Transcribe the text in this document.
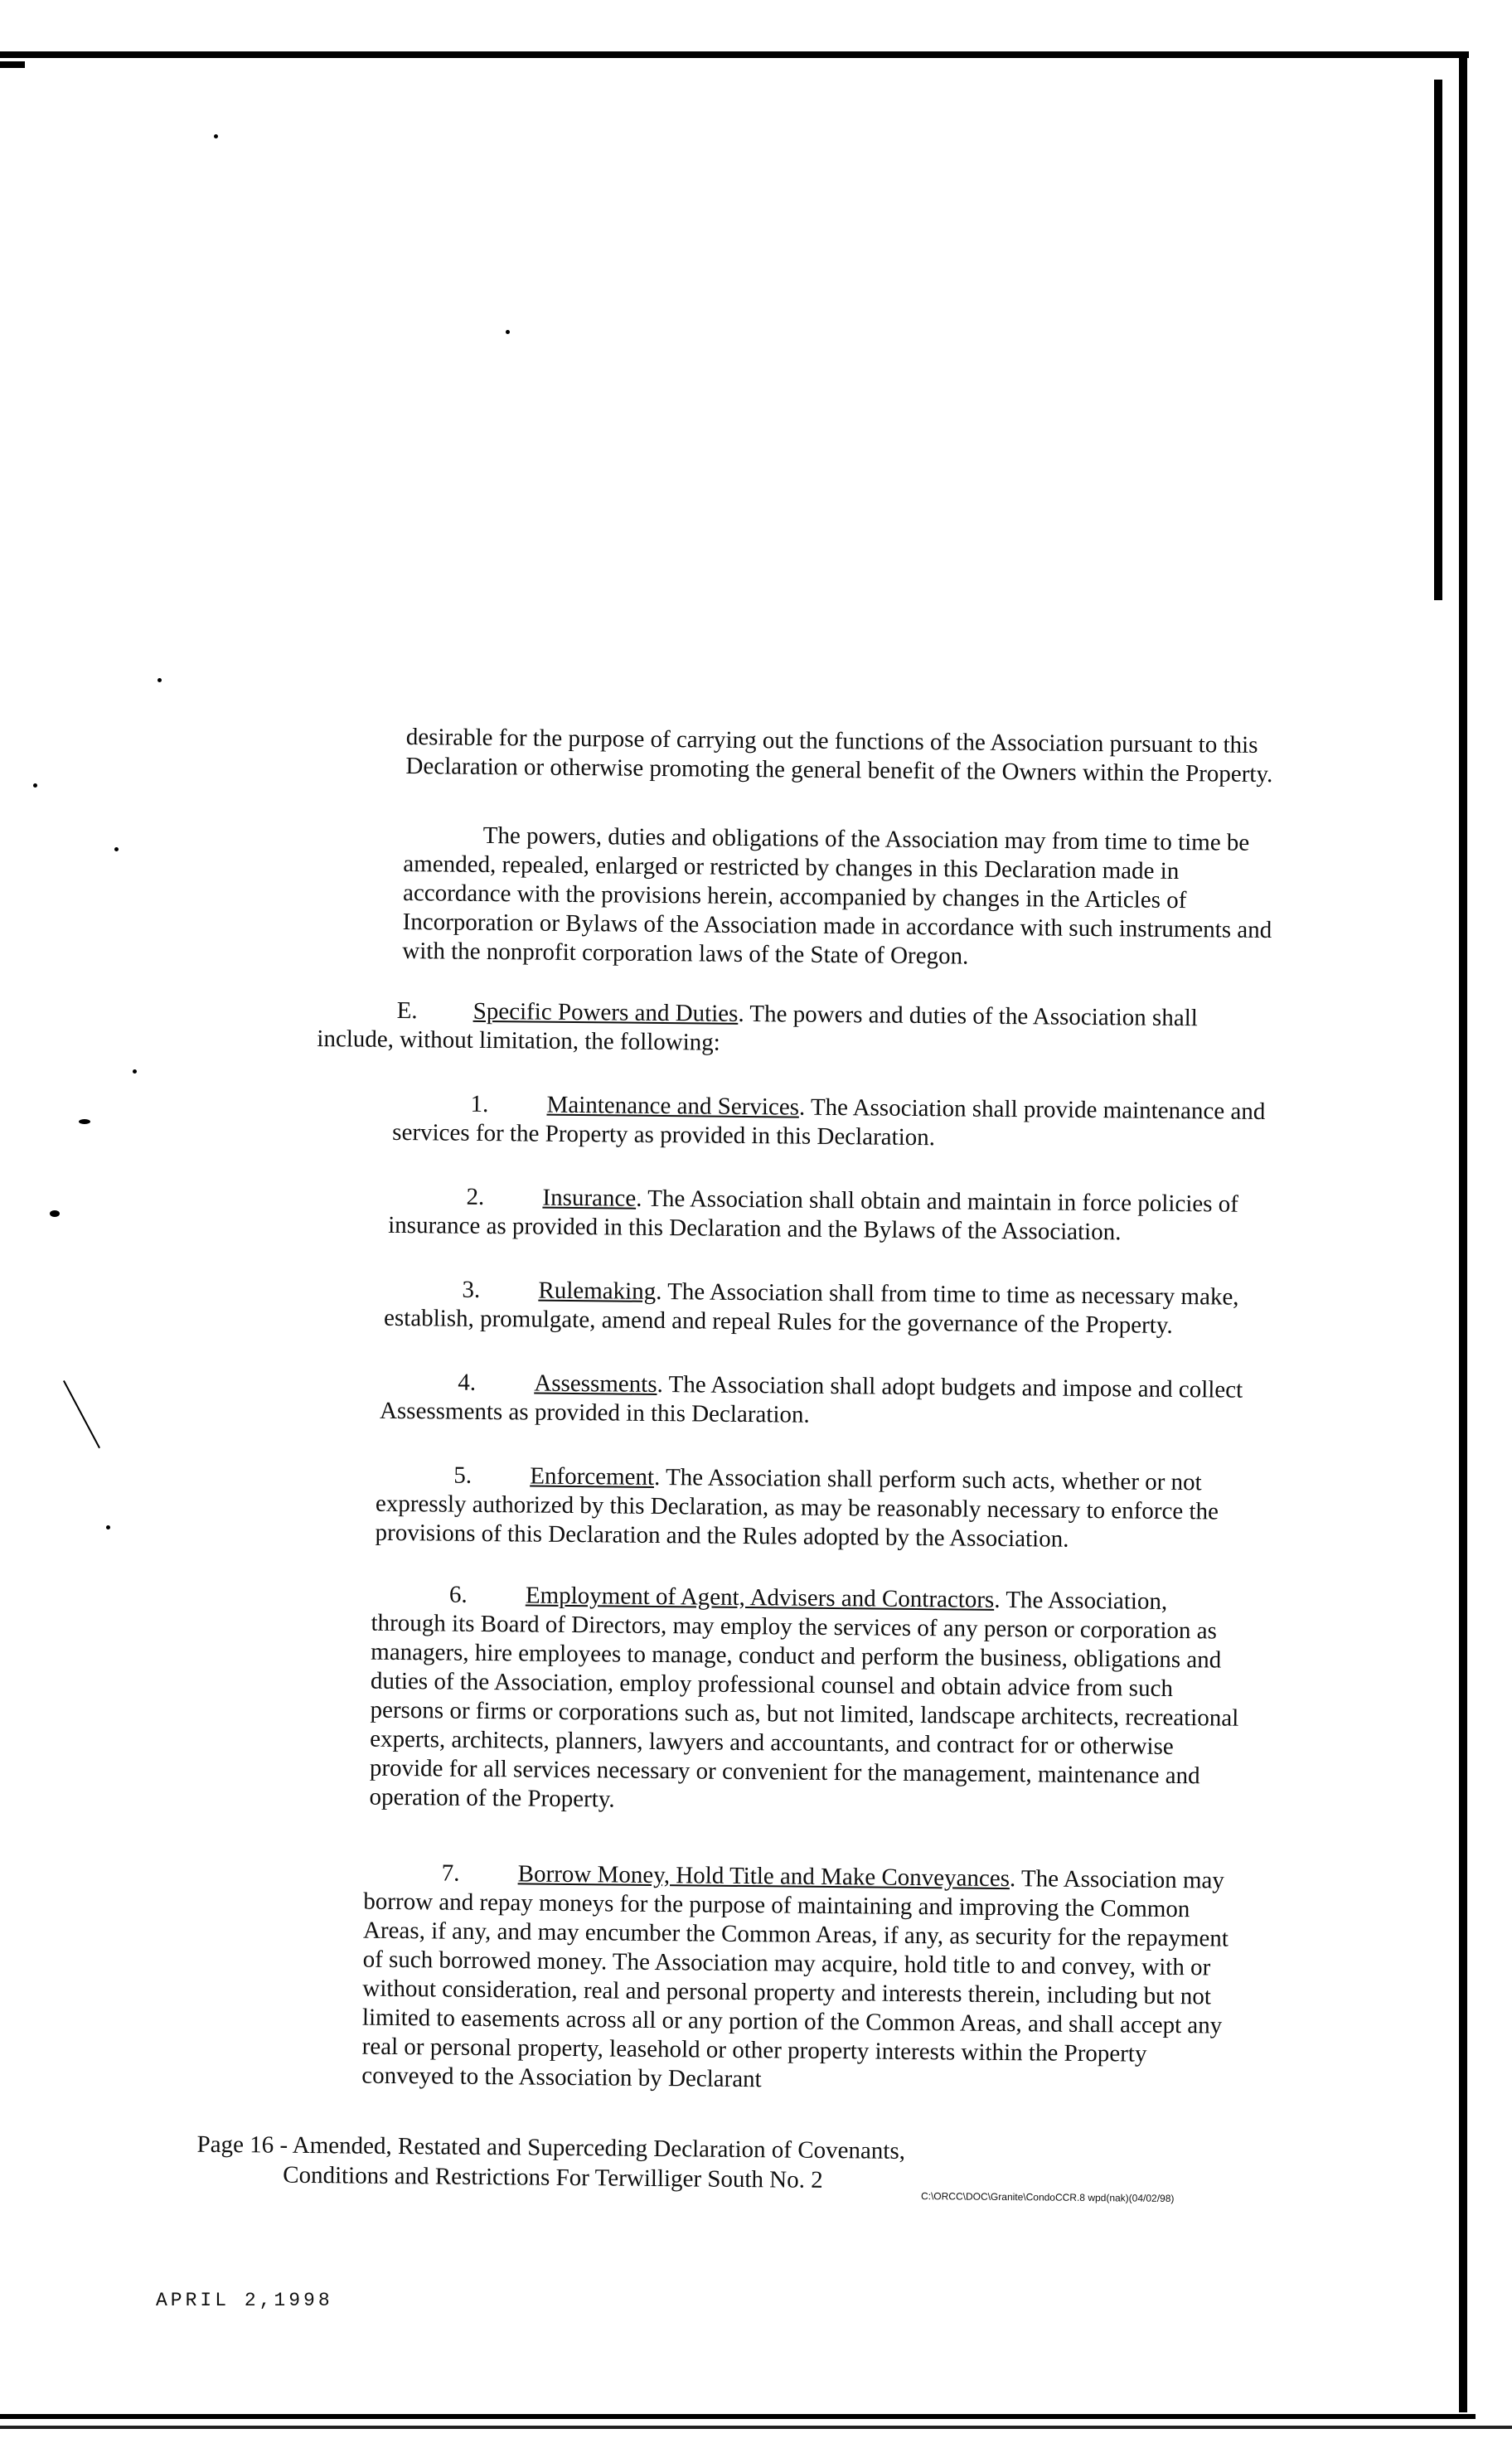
desirable for the purpose of carrying out the functions of the Association pursuant to this
Declaration or otherwise promoting the general benefit of the Owners within the Property.
The powers, duties and obligations of the Association may from time to time be
amended, repealed, enlarged or restricted by changes in this Declaration made in
accordance with the provisions herein, accompanied by changes in the Articles of
Incorporation or Bylaws of the Association made in accordance with such instruments and
with the nonprofit corporation laws of the State of Oregon.
E. Specific Powers and Duties. The powers and duties of the Association shall
include, without limitation, the following:
1. Maintenance and Services. The Association shall provide maintenance and
services for the Property as provided in this Declaration.
2. Insurance. The Association shall obtain and maintain in force policies of
insurance as provided in this Declaration and the Bylaws of the Association.
3. Rulemaking. The Association shall from time to time as necessary make,
establish, promulgate, amend and repeal Rules for the governance of the Property.
4. Assessments. The Association shall adopt budgets and impose and collect
Assessments as provided in this Declaration.
5. Enforcement. The Association shall perform such acts, whether or not
expressly authorized by this Declaration, as may be reasonably necessary to enforce the
provisions of this Declaration and the Rules adopted by the Association.
6. Employment of Agent, Advisers and Contractors. The Association,
through its Board of Directors, may employ the services of any person or corporation as
managers, hire employees to manage, conduct and perform the business, obligations and
duties of the Association, employ professional counsel and obtain advice from such
persons or firms or corporations such as, but not limited, landscape architects, recreational
experts, architects, planners, lawyers and accountants, and contract for or otherwise
provide for all services necessary or convenient for the management, maintenance and
operation of the Property.
7. Borrow Money, Hold Title and Make Conveyances. The Association may
borrow and repay moneys for the purpose of maintaining and improving the Common
Areas, if any, and may encumber the Common Areas, if any, as security for the repayment
of such borrowed money. The Association may acquire, hold title to and convey, with or
without consideration, real and personal property and interests therein, including but not
limited to easements across all or any portion of the Common Areas, and shall accept any
real or personal property, leasehold or other property interests within the Property
conveyed to the Association by Declarant
Page 16 - Amended, Restated and Superceding Declaration of Covenants,
Conditions and Restrictions For Terwilliger South No. 2
C:\ORCC\DOC\Granite\CondoCCR.8 wpd(nak)(04/02/98)
APRIL 2,1998
